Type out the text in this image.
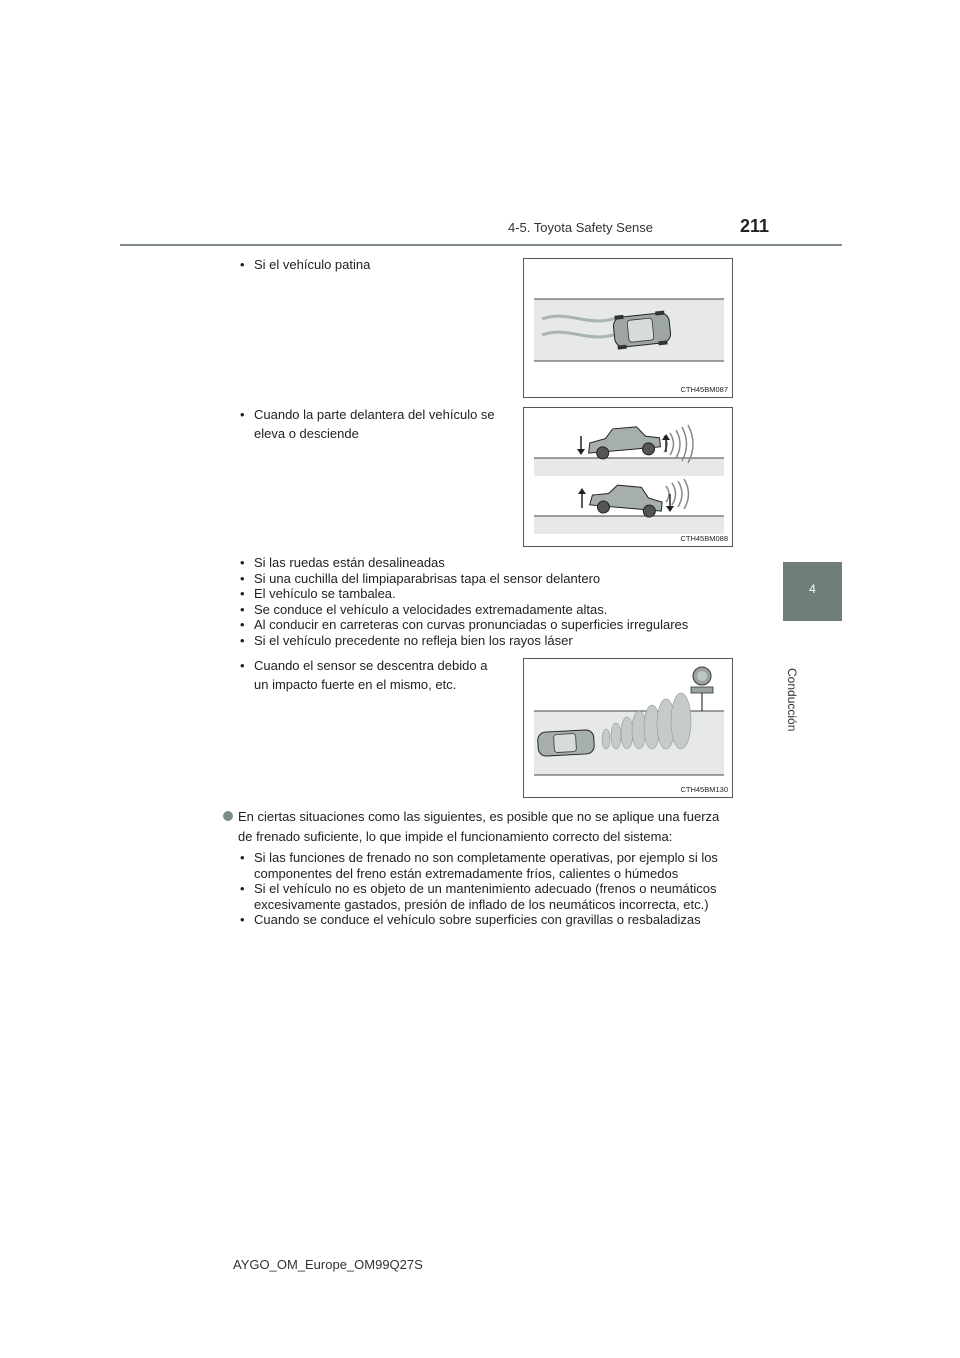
4-5. Toyota Safety Sense	211
4
Conducción
• Si el vehículo patina
CTH45BM087
• Cuando la parte delantera del vehículo se
eleva o desciende
CTH45BM088
• Si las ruedas están desalineadas
• Si una cuchilla del limpiaparabrisas tapa el sensor delantero
• El vehículo se tambalea.
• Se conduce el vehículo a velocidades extremadamente altas.
• Al conducir en carreteras con curvas pronunciadas o superficies irregulares
• Si el vehículo precedente no refleja bien los rayos láser
• Cuando el sensor se descentra debido a
un impacto fuerte en el mismo, etc.
CTH45BM130
En ciertas situaciones como las siguientes, es posible que no se aplique una fuerza
de frenado suficiente, lo que impide el funcionamiento correcto del sistema:
• Si las funciones de frenado no son completamente operativas, por ejemplo si los
componentes del freno están extremadamente fríos, calientes o húmedos
• Si el vehículo no es objeto de un mantenimiento adecuado (frenos o neumáticos
excesivamente gastados, presión de inflado de los neumáticos incorrecta, etc.)
• Cuando se conduce el vehículo sobre superficies con gravillas o resbaladizas
AYGO_OM_Europe_OM99Q27S
